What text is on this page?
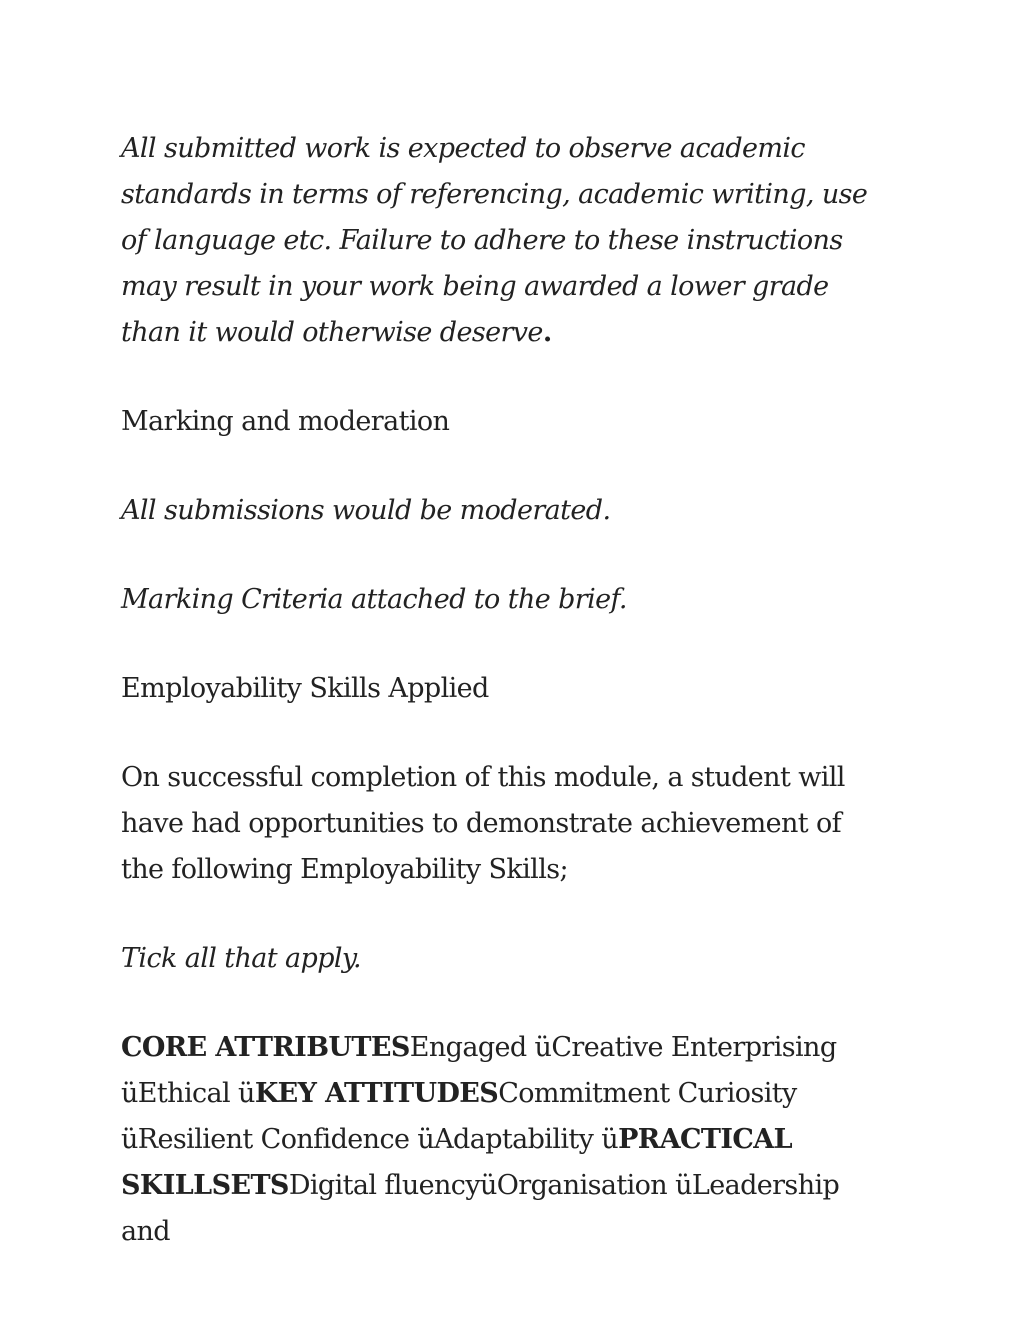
All submitted work is expected to observe academic standards in terms of referencing, academic writing, use of language etc. Failure to adhere to these instructions may result in your work being awarded a lower grade than it would otherwise deserve.

Marking and moderation

All submissions would be moderated.

Marking Criteria attached to the brief.

Employability Skills Applied

On successful completion of this module, a student will have had opportunities to demonstrate achievement of the following Employability Skills;

Tick all that apply.

CORE ATTRIBUTESEngaged üCreative Enterprising üEthical üKEY ATTITUDESCommitment Curiosity üResilient Confidence üAdaptability üPRACTICAL SKILLSETSDigital fluencyüOrganisation üLeadership and
